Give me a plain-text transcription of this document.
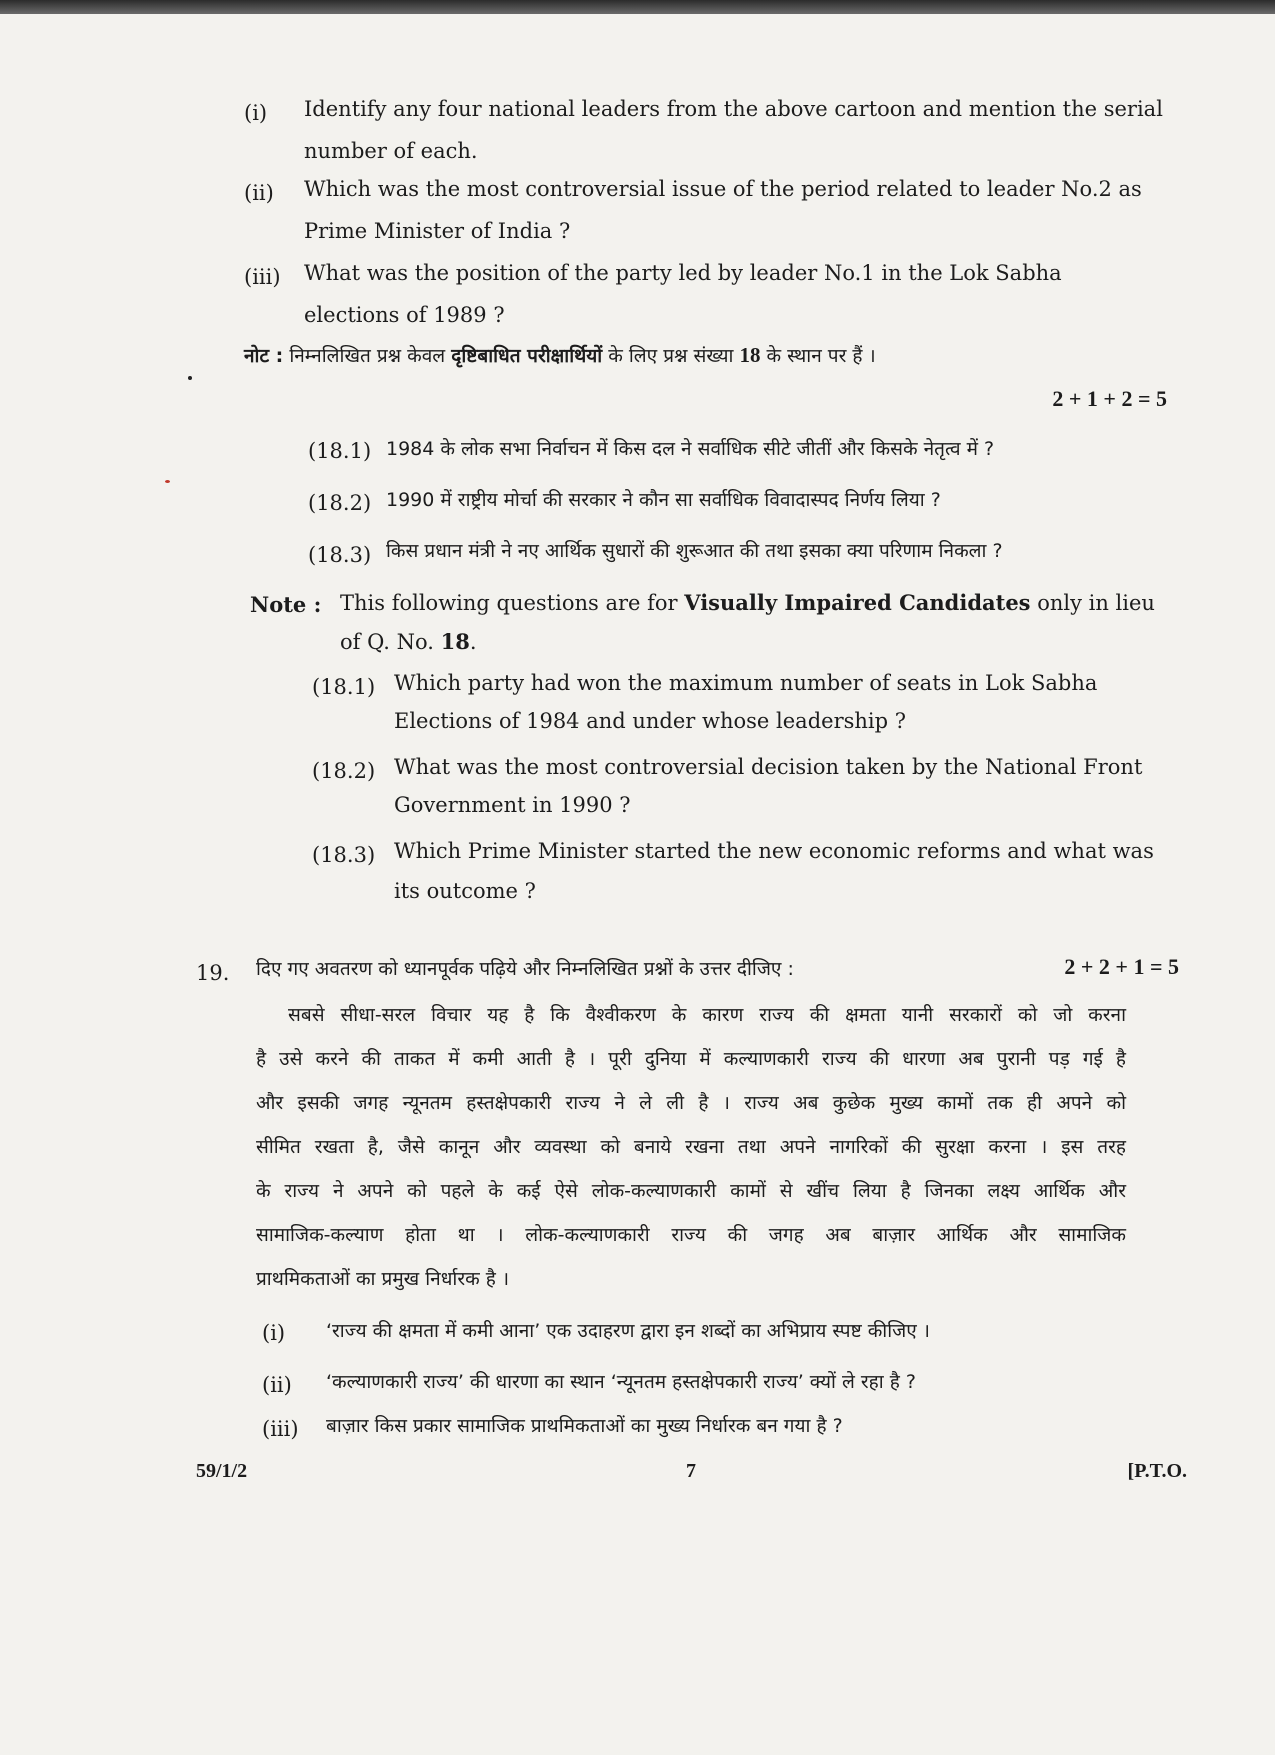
(i) Identify any four national leaders from the above cartoon and mention the serial
number of each.
(ii) Which was the most controversial issue of the period related to leader No.2 as
Prime Minister of India ?
(iii) What was the position of the party led by leader No.1 in the Lok Sabha
elections of 1989 ?
नोट : निम्नलिखित प्रश्न केवल दृष्टिबाधित परीक्षार्थियों के लिए प्रश्न संख्या 18 के स्थान पर हैं ।
2 + 1 + 2 = 5
(18.1) 1984 के लोक सभा निर्वाचन में किस दल ने सर्वाधिक सीटे जीतीं और किसके नेतृत्व में ?
(18.2) 1990 में राष्ट्रीय मोर्चा की सरकार ने कौन सा सर्वाधिक विवादास्पद निर्णय लिया ?
(18.3) किस प्रधान मंत्री ने नए आर्थिक सुधारों की शुरूआत की तथा इसका क्या परिणाम निकला ?
Note : This following questions are for Visually Impaired Candidates only in lieu
of Q. No. 18.
(18.1) Which party had won the maximum number of seats in Lok Sabha
Elections of 1984 and under whose leadership ?
(18.2) What was the most controversial decision taken by the National Front
Government in 1990 ?
(18.3) Which Prime Minister started the new economic reforms and what was
its outcome ?
19. दिए गए अवतरण को ध्यानपूर्वक पढ़िये और निम्नलिखित प्रश्नों के उत्तर दीजिए :	2 + 2 + 1 = 5
सबसे सीधा-सरल विचार यह है कि वैश्वीकरण के कारण राज्य की क्षमता यानी सरकारों को जो करना
है उसे करने की ताकत में कमी आती है । पूरी दुनिया में कल्याणकारी राज्य की धारणा अब पुरानी पड़ गई है
और इसकी जगह न्यूनतम हस्तक्षेपकारी राज्य ने ले ली है । राज्य अब कुछेक मुख्य कामों तक ही अपने को
सीमित रखता है, जैसे कानून और व्यवस्था को बनाये रखना तथा अपने नागरिकों की सुरक्षा करना । इस तरह
के राज्य ने अपने को पहले के कई ऐसे लोक-कल्याणकारी कामों से खींच लिया है जिनका लक्ष्य आर्थिक और
सामाजिक-कल्याण होता था । लोक-कल्याणकारी राज्य की जगह अब बाज़ार आर्थिक और सामाजिक
प्राथमिकताओं का प्रमुख निर्धारक है ।
(i) ‘राज्य की क्षमता में कमी आना’ एक उदाहरण द्वारा इन शब्दों का अभिप्राय स्पष्ट कीजिए ।
(ii) ‘कल्याणकारी राज्य’ की धारणा का स्थान ‘न्यूनतम हस्तक्षेपकारी राज्य’ क्यों ले रहा है ?
(iii) बाज़ार किस प्रकार सामाजिक प्राथमिकताओं का मुख्य निर्धारक बन गया है ?
59/1/2	7	[P.T.O.
